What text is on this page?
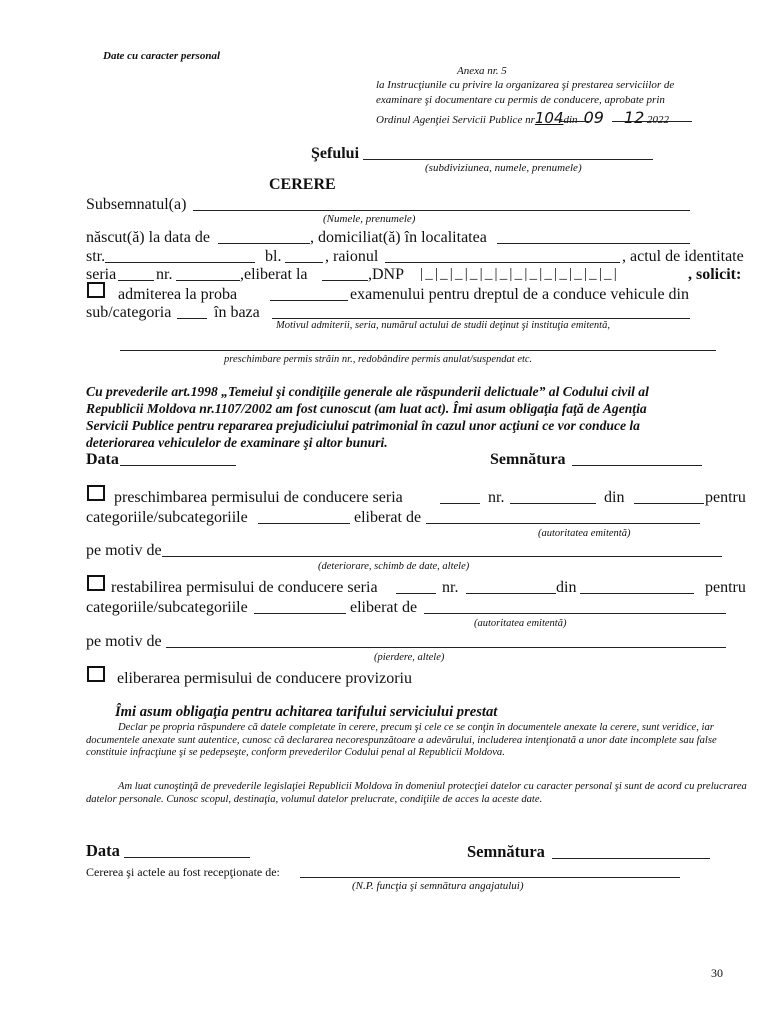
Date cu caracter personal
Anexa nr. 5
la Instrucţiunile cu privire la organizarea şi prestarea serviciilor de
examinare şi documentare cu permis de conducere, aprobate prin
Ordinul Agenţiei Servicii Publice nr104din 09 12 2022
Şefului
(subdiviziunea, numele, prenumele)
CERERE
Subsemnatul(a)
(Numele, prenumele)
născut(ă) la data de	, domiciliat(ă) în localitatea
str.	bl.	, raionul	, actul de identitate
seria nr.	,eliberat la	,DNP |_|_|_|_|_|_|_|_|_|_|_|_|_|	, solicit:
admiterea la proba	examenului pentru dreptul de a conduce vehicule din
sub/categoria	în baza
Motivul admiterii, seria, numărul actului de studii deţinut şi instituţia emitentă,
preschimbare permis străin nr., redobândire permis anulat/suspendat etc.
Cu prevederile art.1998 „Temeiul şi condiţiile generale ale răspunderii delictuale” al Codului civil al
Republicii Moldova nr.1107/2002 am fost cunoscut (am luat act). Îmi asum obligaţia faţă de Agenţia
Servicii Publice pentru repararea prejudiciului patrimonial în cazul unor acţiuni ce vor conduce la
deteriorarea vehiculelor de examinare şi altor bunuri.
Data	Semnătura
preschimbarea permisului de conducere seria	nr.	din	pentru
categoriile/subcategoriile	eliberat de
(autoritatea emitentă)
pe motiv de
(deteriorare, schimb de date, altele)
restabilirea permisului de conducere seria	nr.	din	pentru
categoriile/subcategoriile	eliberat de
(autoritatea emitentă)
pe motiv de
(pierdere, altele)
eliberarea permisului de conducere provizoriu
Îmi asum obligaţia pentru achitarea tarifului serviciului prestat
Declar pe propria răspundere că datele completate în cerere, precum şi cele ce se conţin în documentele anexate la cerere, sunt veridice, iar documentele anexate sunt autentice, cunosc că declararea necorespunzătoare a adevărului, includerea intenţionată a unor date incomplete sau false constituie infracţiune şi se pedepseşte, conform prevederilor Codului penal al Republicii Moldova.
Am luat cunoştinţă de prevederile legislaţiei Republicii Moldova în domeniul protecţiei datelor cu caracter personal şi sunt de acord cu prelucrarea datelor personale. Cunosc scopul, destinaţia, volumul datelor prelucrate, condiţiile de acces la aceste date.
Data	Semnătura
Cererea şi actele au fost recepţionate de:
(N.P. funcţia şi semnătura angajatului)
30
